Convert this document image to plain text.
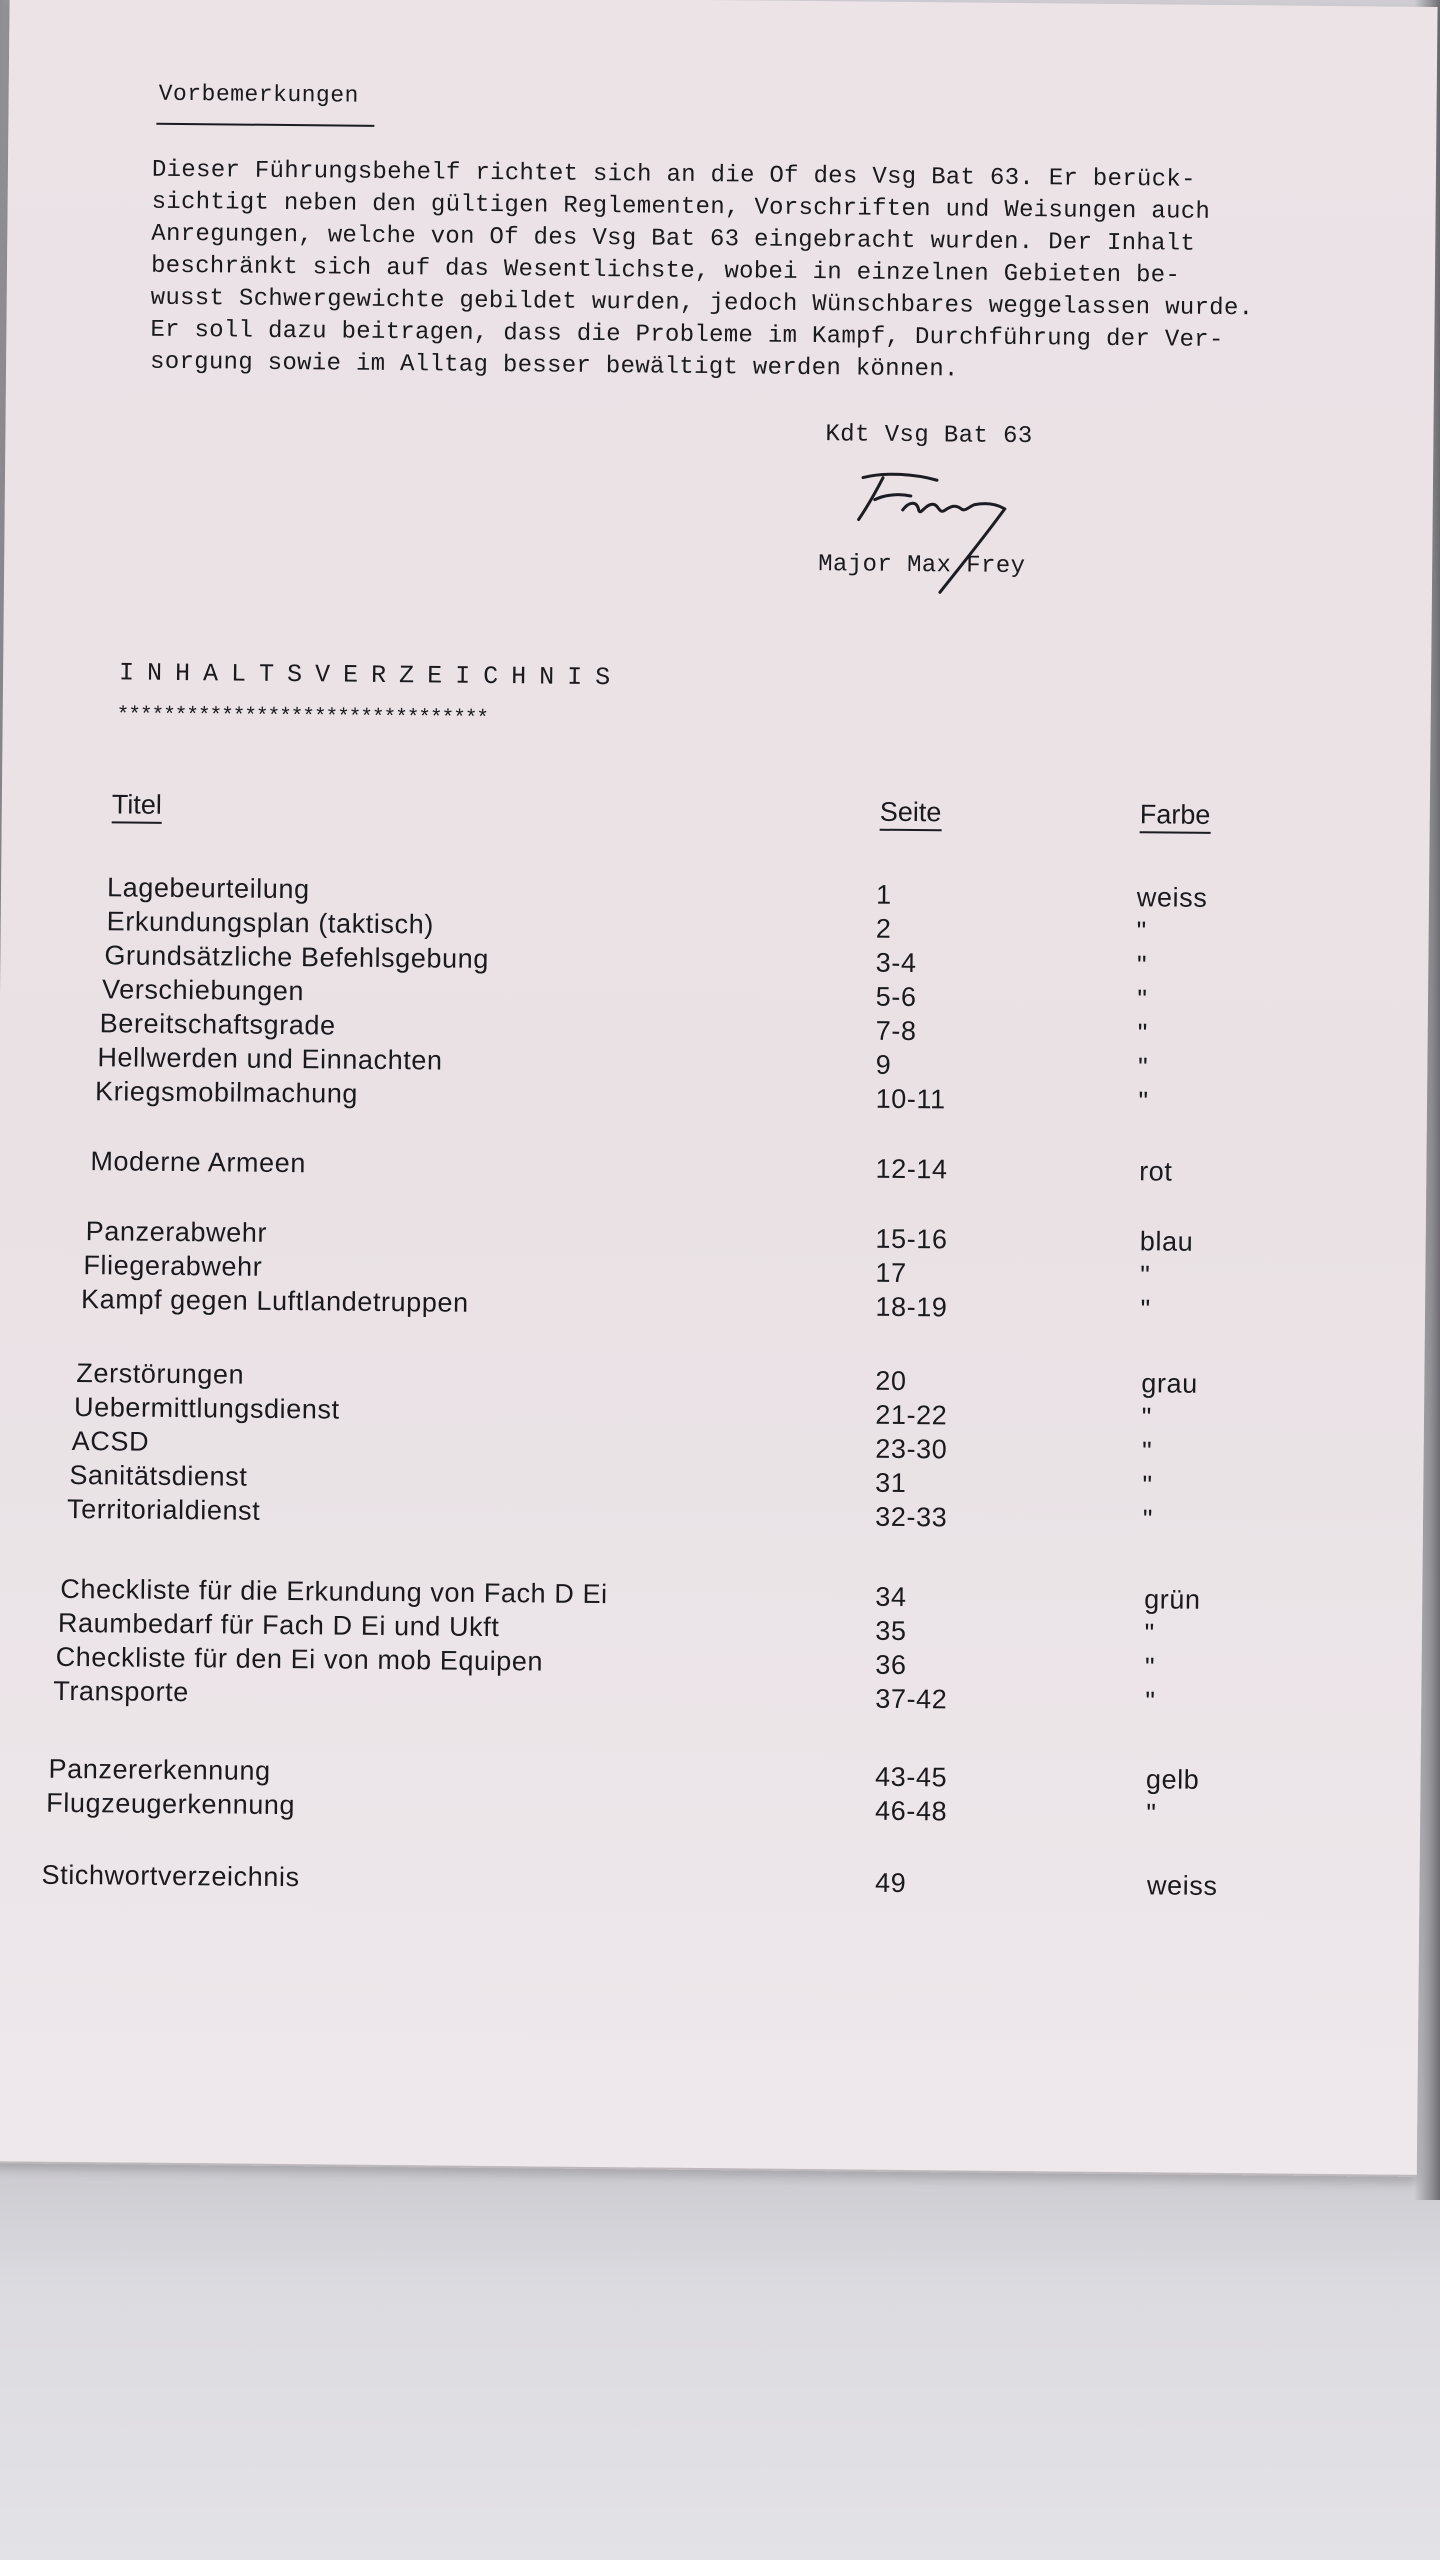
Vorbemerkungen

Dieser Führungsbehelf richtet sich an die Of des Vsg Bat 63. Er berück-
sichtigt neben den gültigen Reglementen, Vorschriften und Weisungen auch
Anregungen, welche von Of des Vsg Bat 63 eingebracht wurden. Der Inhalt
beschränkt sich auf das Wesentlichste, wobei in einzelnen Gebieten be-
wusst Schwergewichte gebildet wurden, jedoch Wünschbares weggelassen wurde.
Er soll dazu beitragen, dass die Probleme im Kampf, Durchführung der Ver-
sorgung sowie im Alltag besser bewältigt werden können.

Kdt Vsg Bat 63
Major Max Frey
INHALTSVERZEICHNIS
********************************
Titel	Seite	Farbe
Lagebeurteilung	1	weiss
Erkundungsplan (taktisch)	2	"
Grundsätzliche Befehlsgebung	3-4	"
Verschiebungen	5-6	"
Bereitschaftsgrade	7-8	"
Hellwerden und Einnachten	9	"
Kriegsmobilmachung	10-11	"
Moderne Armeen	12-14	rot
Panzerabwehr	15-16	blau
Fliegerabwehr	17	"
Kampf gegen Luftlandetruppen	18-19	"
Zerstörungen	20	grau
Uebermittlungsdienst	21-22	"
ACSD	23-30	"
Sanitätsdienst	31	"
Territorialdienst	32-33	"
Checkliste für die Erkundung von Fach D Ei	34	grün
Raumbedarf für Fach D Ei und Ukft	35	"
Checkliste für den Ei von mob Equipen	36	"
Transporte	37-42	"
Panzererkennung	43-45	gelb
Flugzeugerkennung	46-48	"
Stichwortverzeichnis	49	weiss
